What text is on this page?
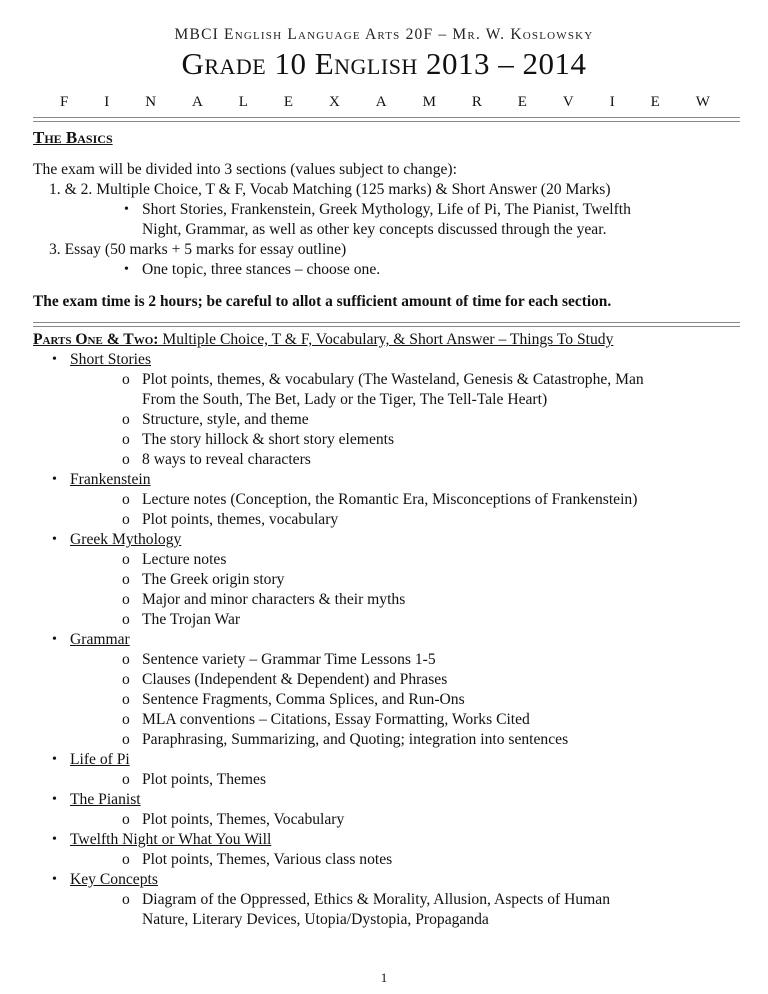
MBCI English Language Arts 20F – Mr. W. Koslowsky
Grade 10 English 2013 – 2014
F I N A L E X A M R E V I E W
The Basics
The exam will be divided into 3 sections (values subject to change):
1. & 2. Multiple Choice, T & F, Vocab Matching (125 marks) & Short Answer (20 Marks)
• Short Stories, Frankenstein, Greek Mythology, Life of Pi, The Pianist, Twelfth
Night, Grammar, as well as other key concepts discussed through the year.
3. Essay (50 marks + 5 marks for essay outline)
• One topic, three stances – choose one.
The exam time is 2 hours; be careful to allot a sufficient amount of time for each section.
Parts One & Two: Multiple Choice, T & F, Vocabulary, & Short Answer – Things To Study
• Short Stories
o Plot points, themes, & vocabulary (The Wasteland, Genesis & Catastrophe, Man
From the South, The Bet, Lady or the Tiger, The Tell-Tale Heart)
o Structure, style, and theme
o The story hillock & short story elements
o 8 ways to reveal characters
• Frankenstein
o Lecture notes (Conception, the Romantic Era, Misconceptions of Frankenstein)
o Plot points, themes, vocabulary
• Greek Mythology
o Lecture notes
o The Greek origin story
o Major and minor characters & their myths
o The Trojan War
• Grammar
o Sentence variety – Grammar Time Lessons 1-5
o Clauses (Independent & Dependent) and Phrases
o Sentence Fragments, Comma Splices, and Run-Ons
o MLA conventions – Citations, Essay Formatting, Works Cited
o Paraphrasing, Summarizing, and Quoting; integration into sentences
• Life of Pi
o Plot points, Themes
• The Pianist
o Plot points, Themes, Vocabulary
• Twelfth Night or What You Will
o Plot points, Themes, Various class notes
• Key Concepts
o Diagram of the Oppressed, Ethics & Morality, Allusion, Aspects of Human
Nature, Literary Devices, Utopia/Dystopia, Propaganda
1
